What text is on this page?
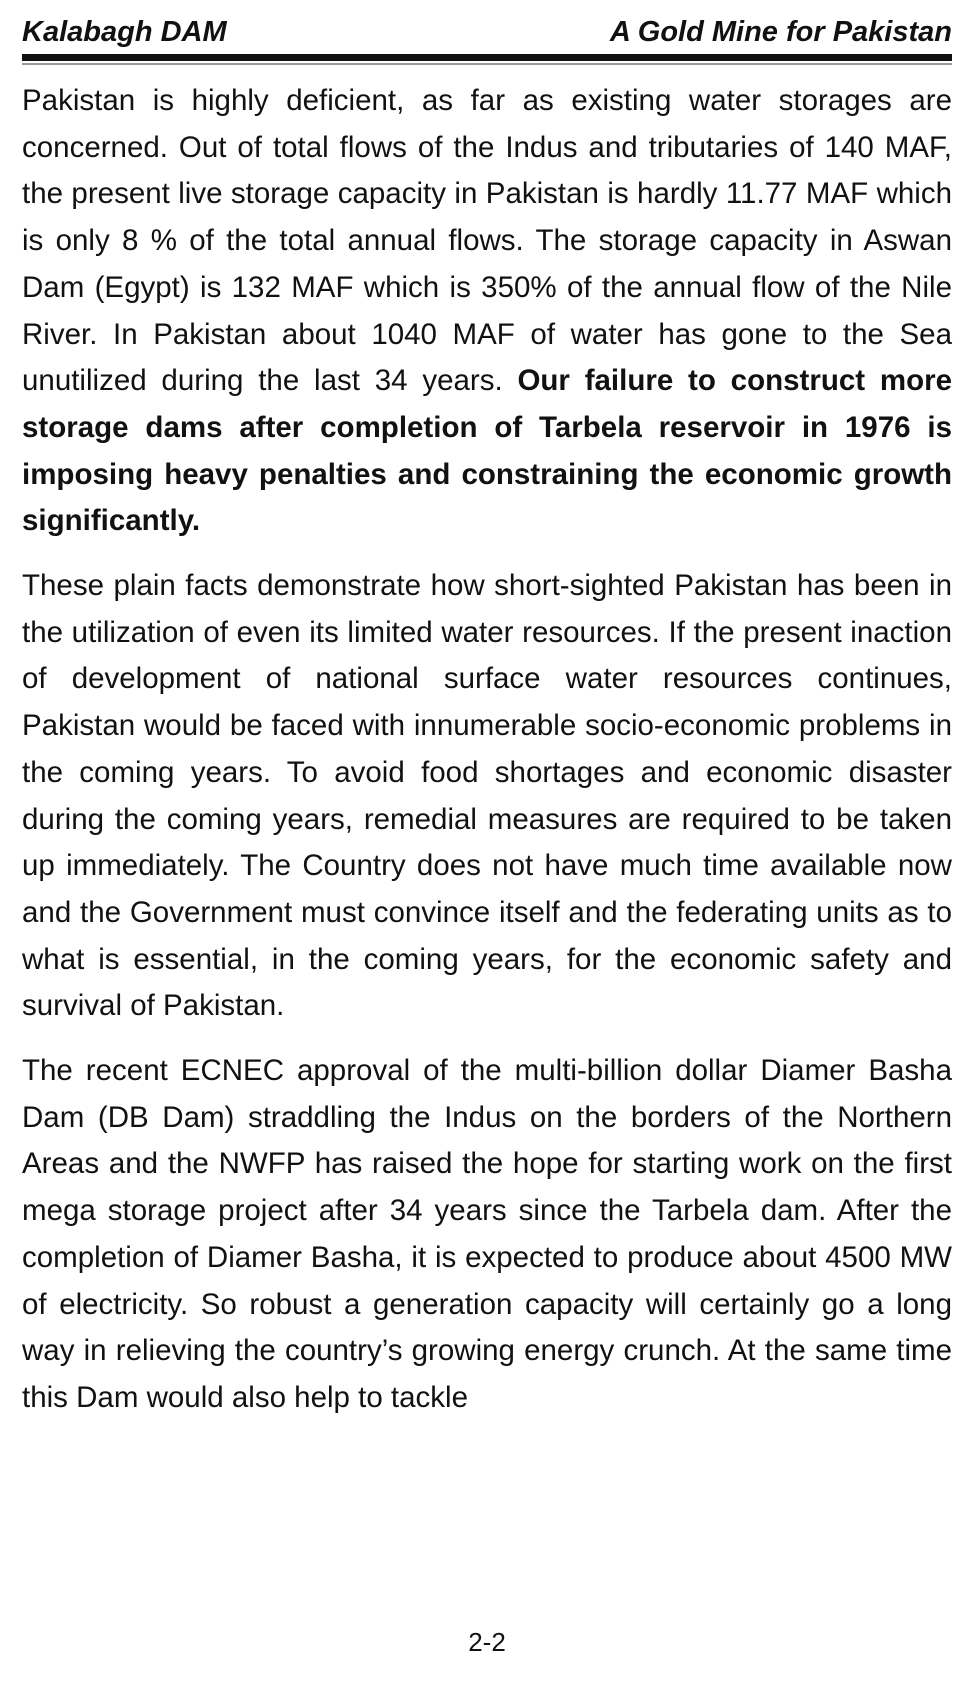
Kalabagh DAM	A Gold Mine for Pakistan

Pakistan is highly deficient, as far as existing water storages are concerned. Out of total flows of the Indus and tributaries of 140 MAF, the present live storage capacity in Pakistan is hardly 11.77 MAF which is only 8 % of the total annual flows. The storage capacity in Aswan Dam (Egypt) is 132 MAF which is 350% of the annual flow of the Nile River. In Pakistan about 1040 MAF of water has gone to the Sea unutilized during the last 34 years. Our failure to construct more storage dams after completion of Tarbela reservoir in 1976 is imposing heavy penalties and constraining the economic growth significantly.

These plain facts demonstrate how short-sighted Pakistan has been in the utilization of even its limited water resources. If the present inaction of development of national surface water resources continues, Pakistan would be faced with innumerable socio-economic problems in the coming years. To avoid food shortages and economic disaster during the coming years, remedial measures are required to be taken up immediately. The Country does not have much time available now and the Government must convince itself and the federating units as to what is essential, in the coming years, for the economic safety and survival of Pakistan.

The recent ECNEC approval of the multi-billion dollar Diamer Basha Dam (DB Dam) straddling the Indus on the borders of the Northern Areas and the NWFP has raised the hope for starting work on the first mega storage project after 34 years since the Tarbela dam. After the completion of Diamer Basha, it is expected to produce about 4500 MW of electricity. So robust a generation capacity will certainly go a long way in relieving the country’s growing energy crunch. At the same time this Dam would also help to tackle

2-2
